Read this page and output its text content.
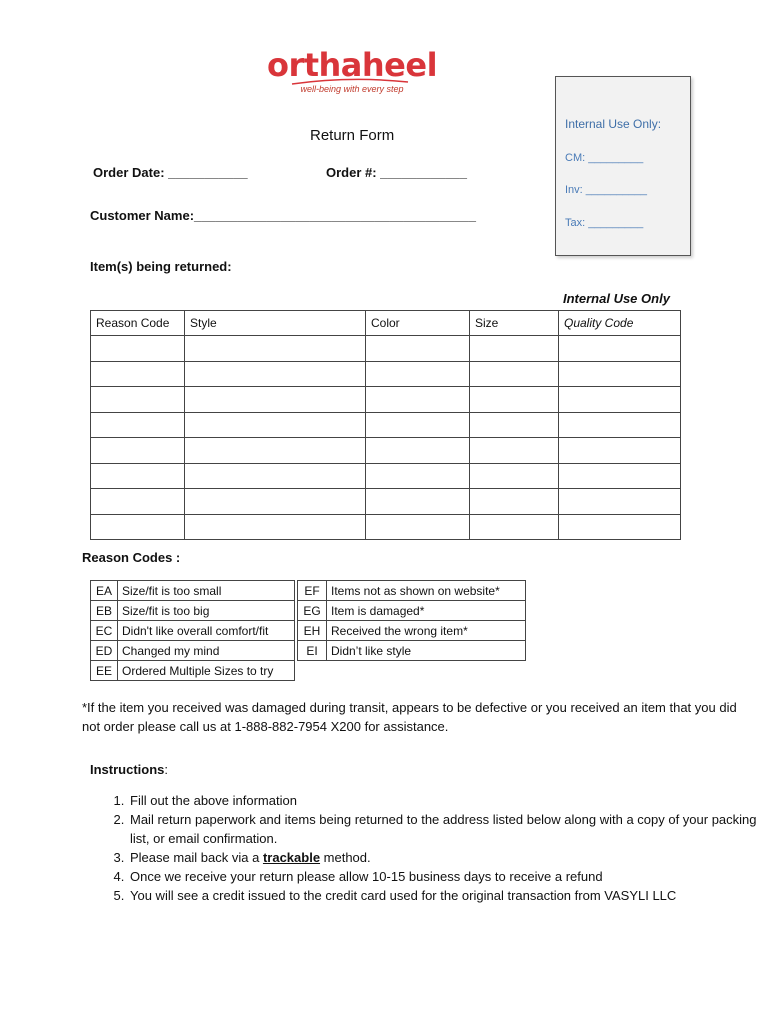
orthaheel
well-being with every step
Internal Use Only:
CM: _________
Inv: __________
Tax: _________
Return Form
Order Date: ___________	Order #: ____________
Customer Name:_______________________________________
Item(s) being returned:
Internal Use Only
Reason Code	Style	Color	Size	Quality Code

Reason Codes :
EA	Size/fit is too small
EB	Size/fit is too big
EC	Didn't like overall comfort/fit
ED	Changed my mind
EE	Ordered Multiple Sizes to try
EF	Items not as shown on website*
EG	Item is damaged*
EH	Received the wrong item*
EI	Didn’t like style
*If the item you received was damaged during transit, appears to be defective or you received an item that you did not order please call us at 1-888-882-7954 X200 for assistance.
Instructions:
1. Fill out the above information
2. Mail return paperwork and items being returned to the address listed below along with a copy of your packing list, or email confirmation.
3. Please mail back via a trackable method.
4. Once we receive your return please allow 10-15 business days to receive a refund
5. You will see a credit issued to the credit card used for the original transaction from VASYLI LLC
